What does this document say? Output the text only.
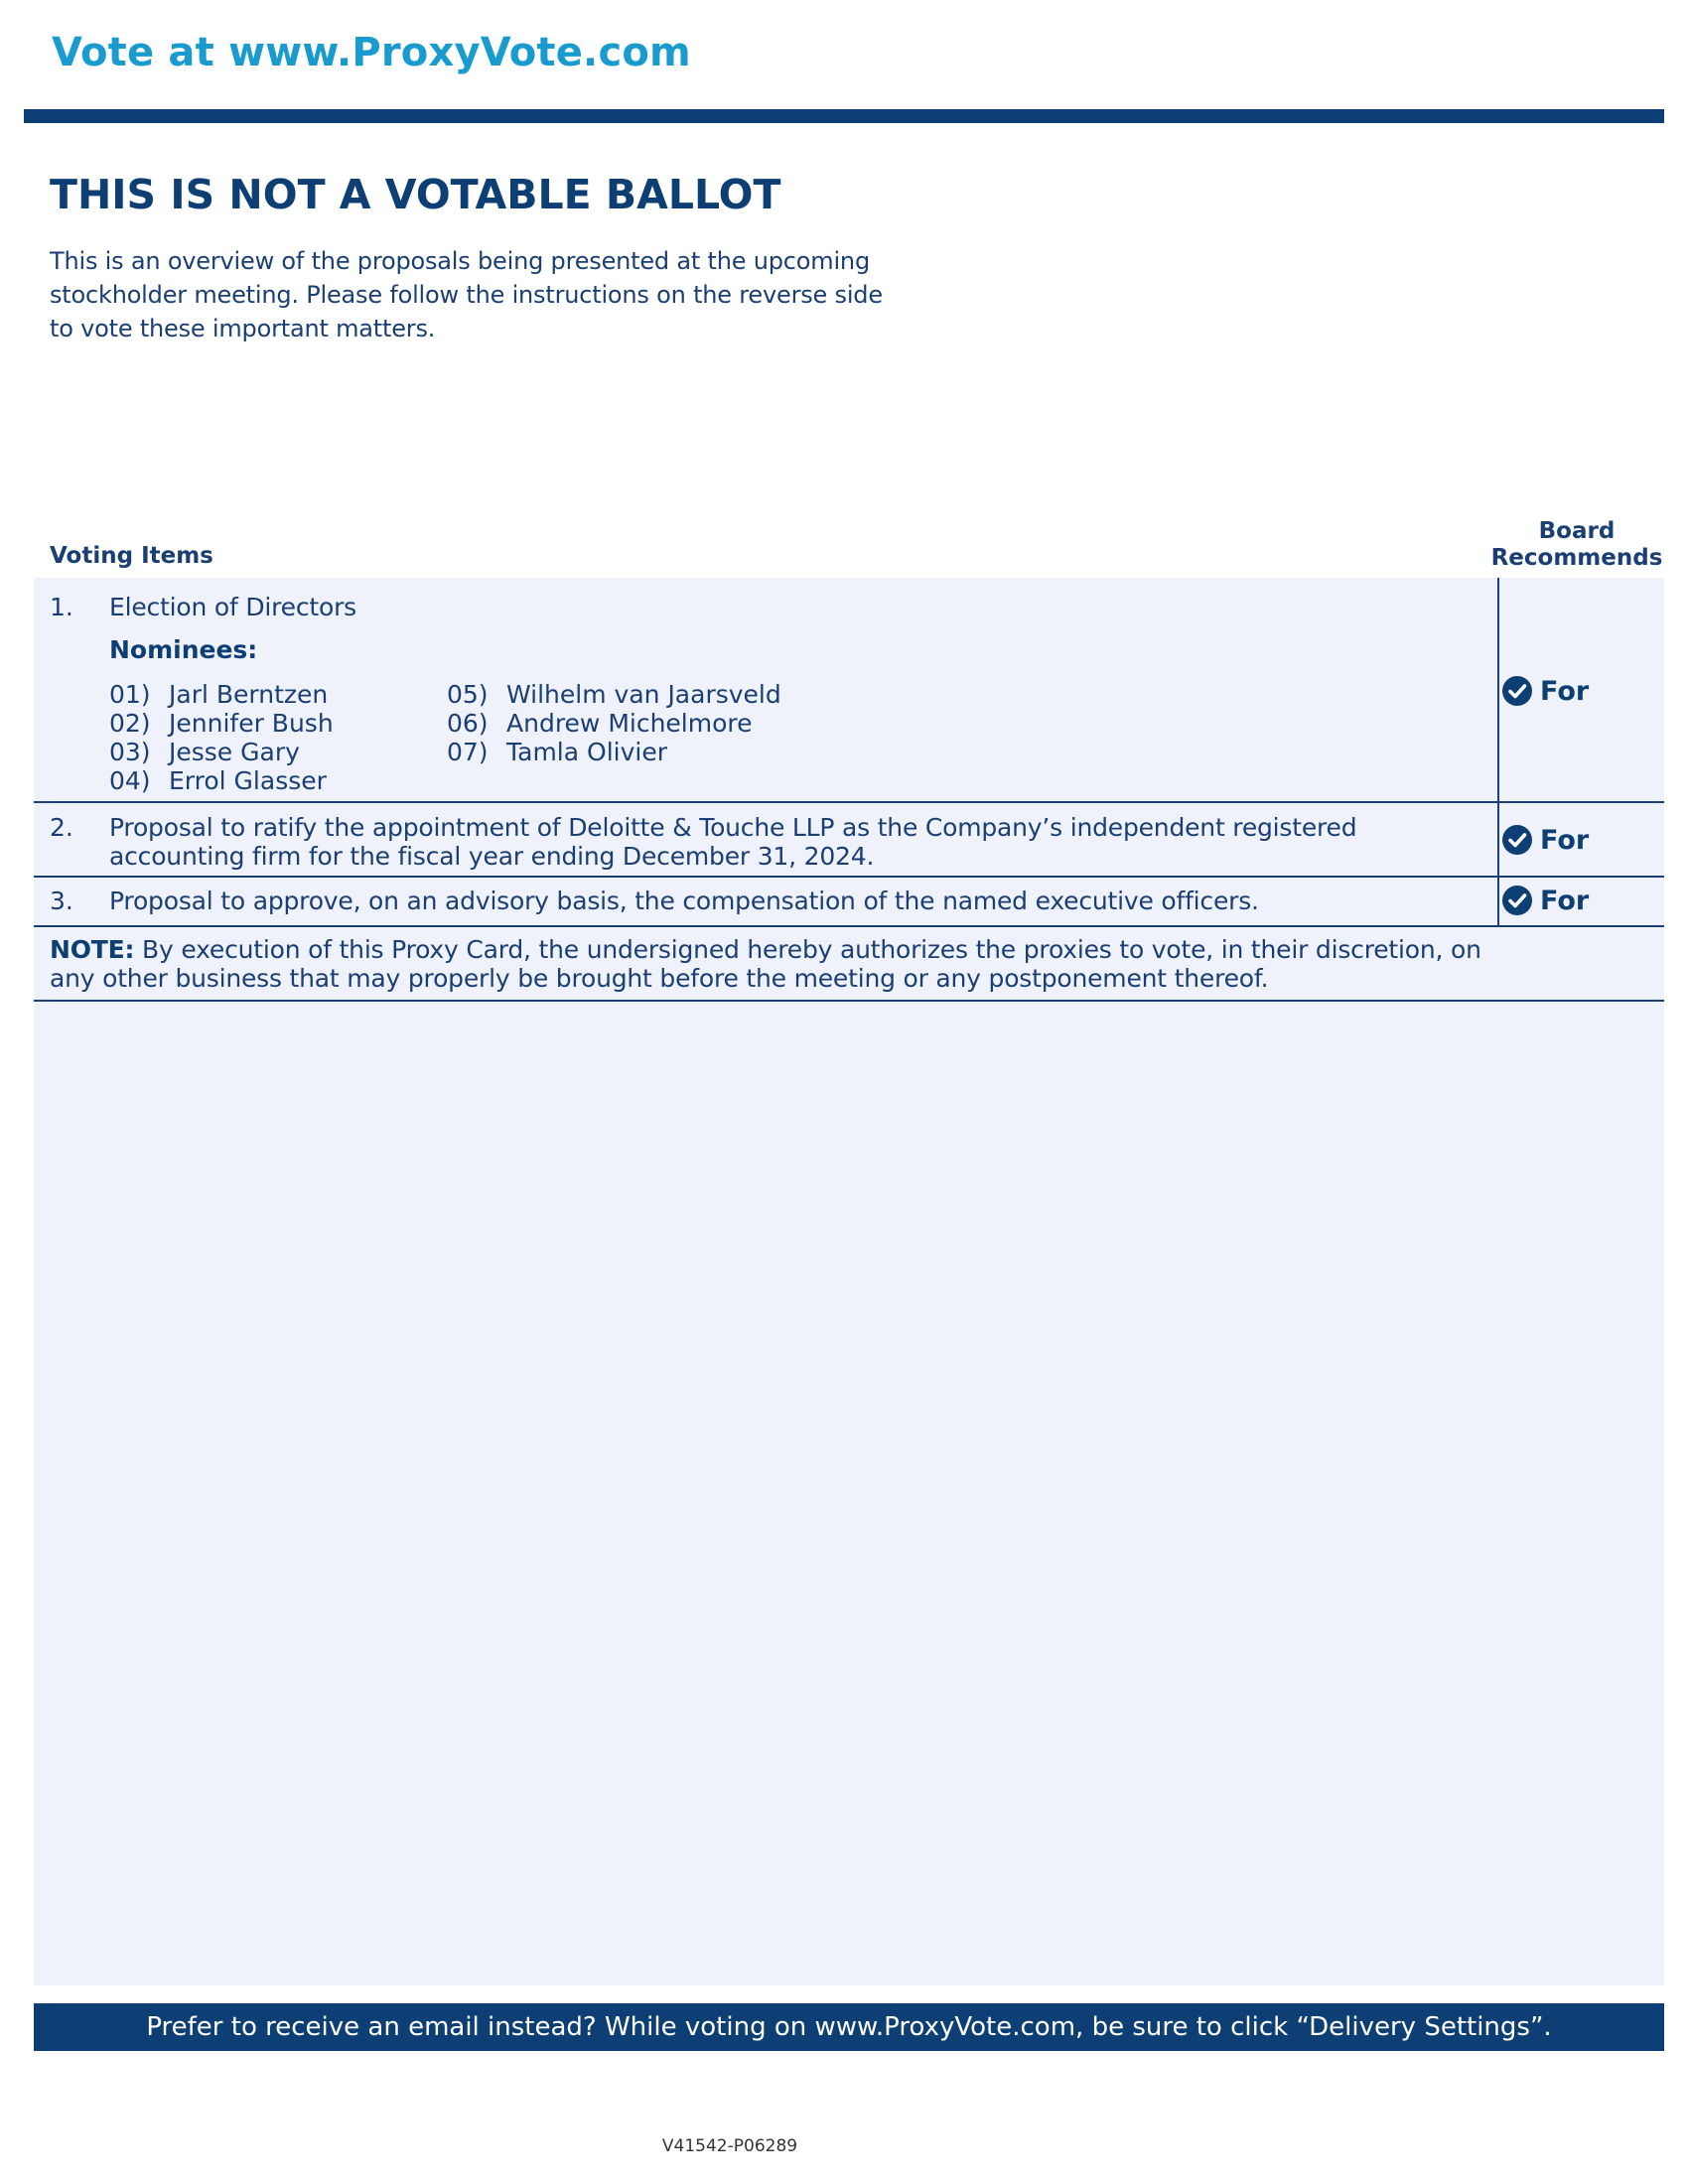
Vote at www.ProxyVote.com
THIS IS NOT A VOTABLE BALLOT
This is an overview of the proposals being presented at the upcoming stockholder meeting. Please follow the instructions on the reverse side to vote these important matters.
Voting Items
Board
Recommends
1. Election of Directors
Nominees:
01) Jarl Berntzen
02) Jennifer Bush
03) Jesse Gary
04) Errol Glasser
05) Wilhelm van Jaarsveld
06) Andrew Michelmore
07) Tamla Olivier
For
2. Proposal to ratify the appointment of Deloitte & Touche LLP as the Company’s independent registered accounting firm for the fiscal year ending December 31, 2024.
For
3. Proposal to approve, on an advisory basis, the compensation of the named executive officers.	For
NOTE: By execution of this Proxy Card, the undersigned hereby authorizes the proxies to vote, in their discretion, on any other business that may properly be brought before the meeting or any postponement thereof.
Prefer to receive an email instead? While voting on www.ProxyVote.com, be sure to click “Delivery Settings”.
V41542-P06289
